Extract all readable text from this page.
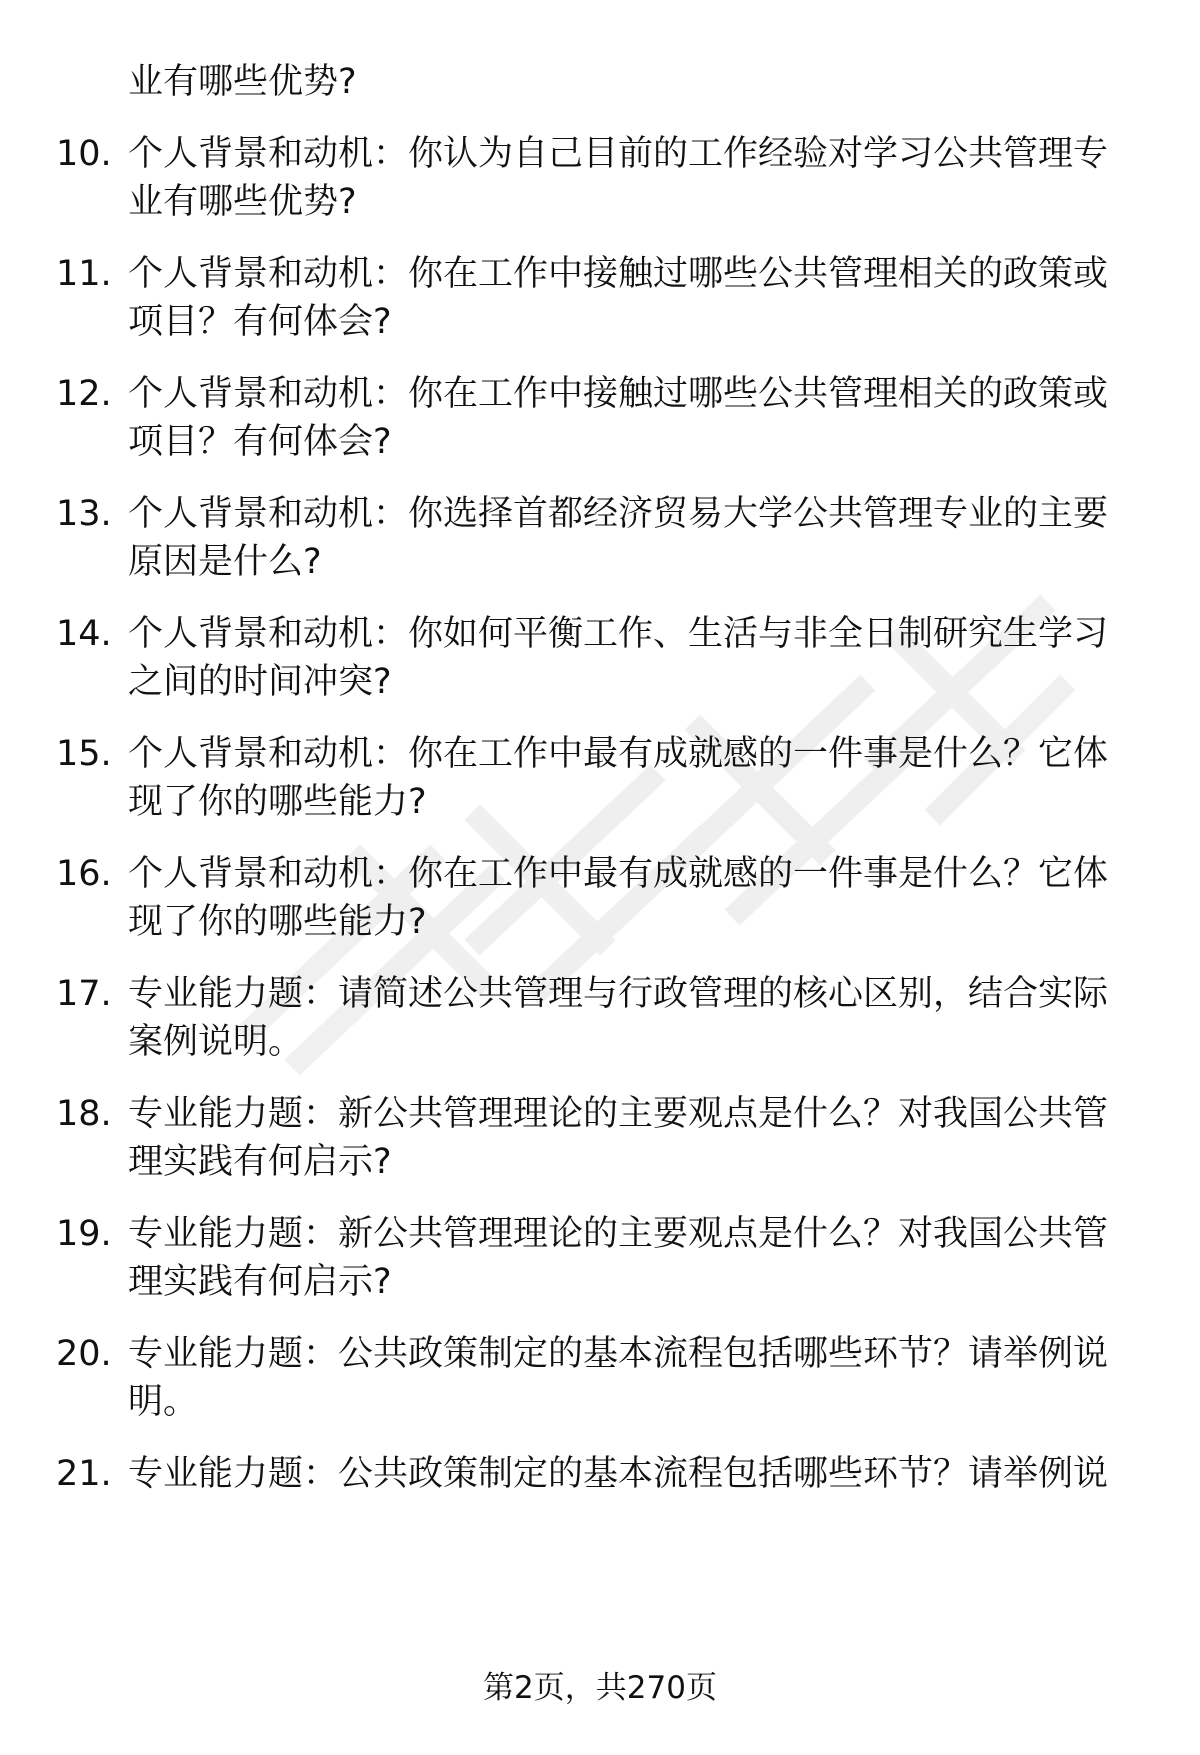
业有哪些优势?
10. 个人背景和动机：你认为自己目前的工作经验对学习公共管理专
业有哪些优势?
11. 个人背景和动机：你在工作中接触过哪些公共管理相关的政策或
项目？有何体会?
12. 个人背景和动机：你在工作中接触过哪些公共管理相关的政策或
项目？有何体会?
13. 个人背景和动机：你选择首都经济贸易大学公共管理专业的主要
原因是什么?
14. 个人背景和动机：你如何平衡工作、生活与非全日制研究生学习
之间的时间冲突?
15. 个人背景和动机：你在工作中最有成就感的一件事是什么？它体
现了你的哪些能力?
16. 个人背景和动机：你在工作中最有成就感的一件事是什么？它体
现了你的哪些能力?
17. 专业能力题：请简述公共管理与行政管理的核心区别，结合实际
案例说明。
18. 专业能力题：新公共管理理论的主要观点是什么？对我国公共管
理实践有何启示?
19. 专业能力题：新公共管理理论的主要观点是什么？对我国公共管
理实践有何启示?
20. 专业能力题：公共政策制定的基本流程包括哪些环节？请举例说
明。
21. 专业能力题：公共政策制定的基本流程包括哪些环节？请举例说
第2页，共270页
